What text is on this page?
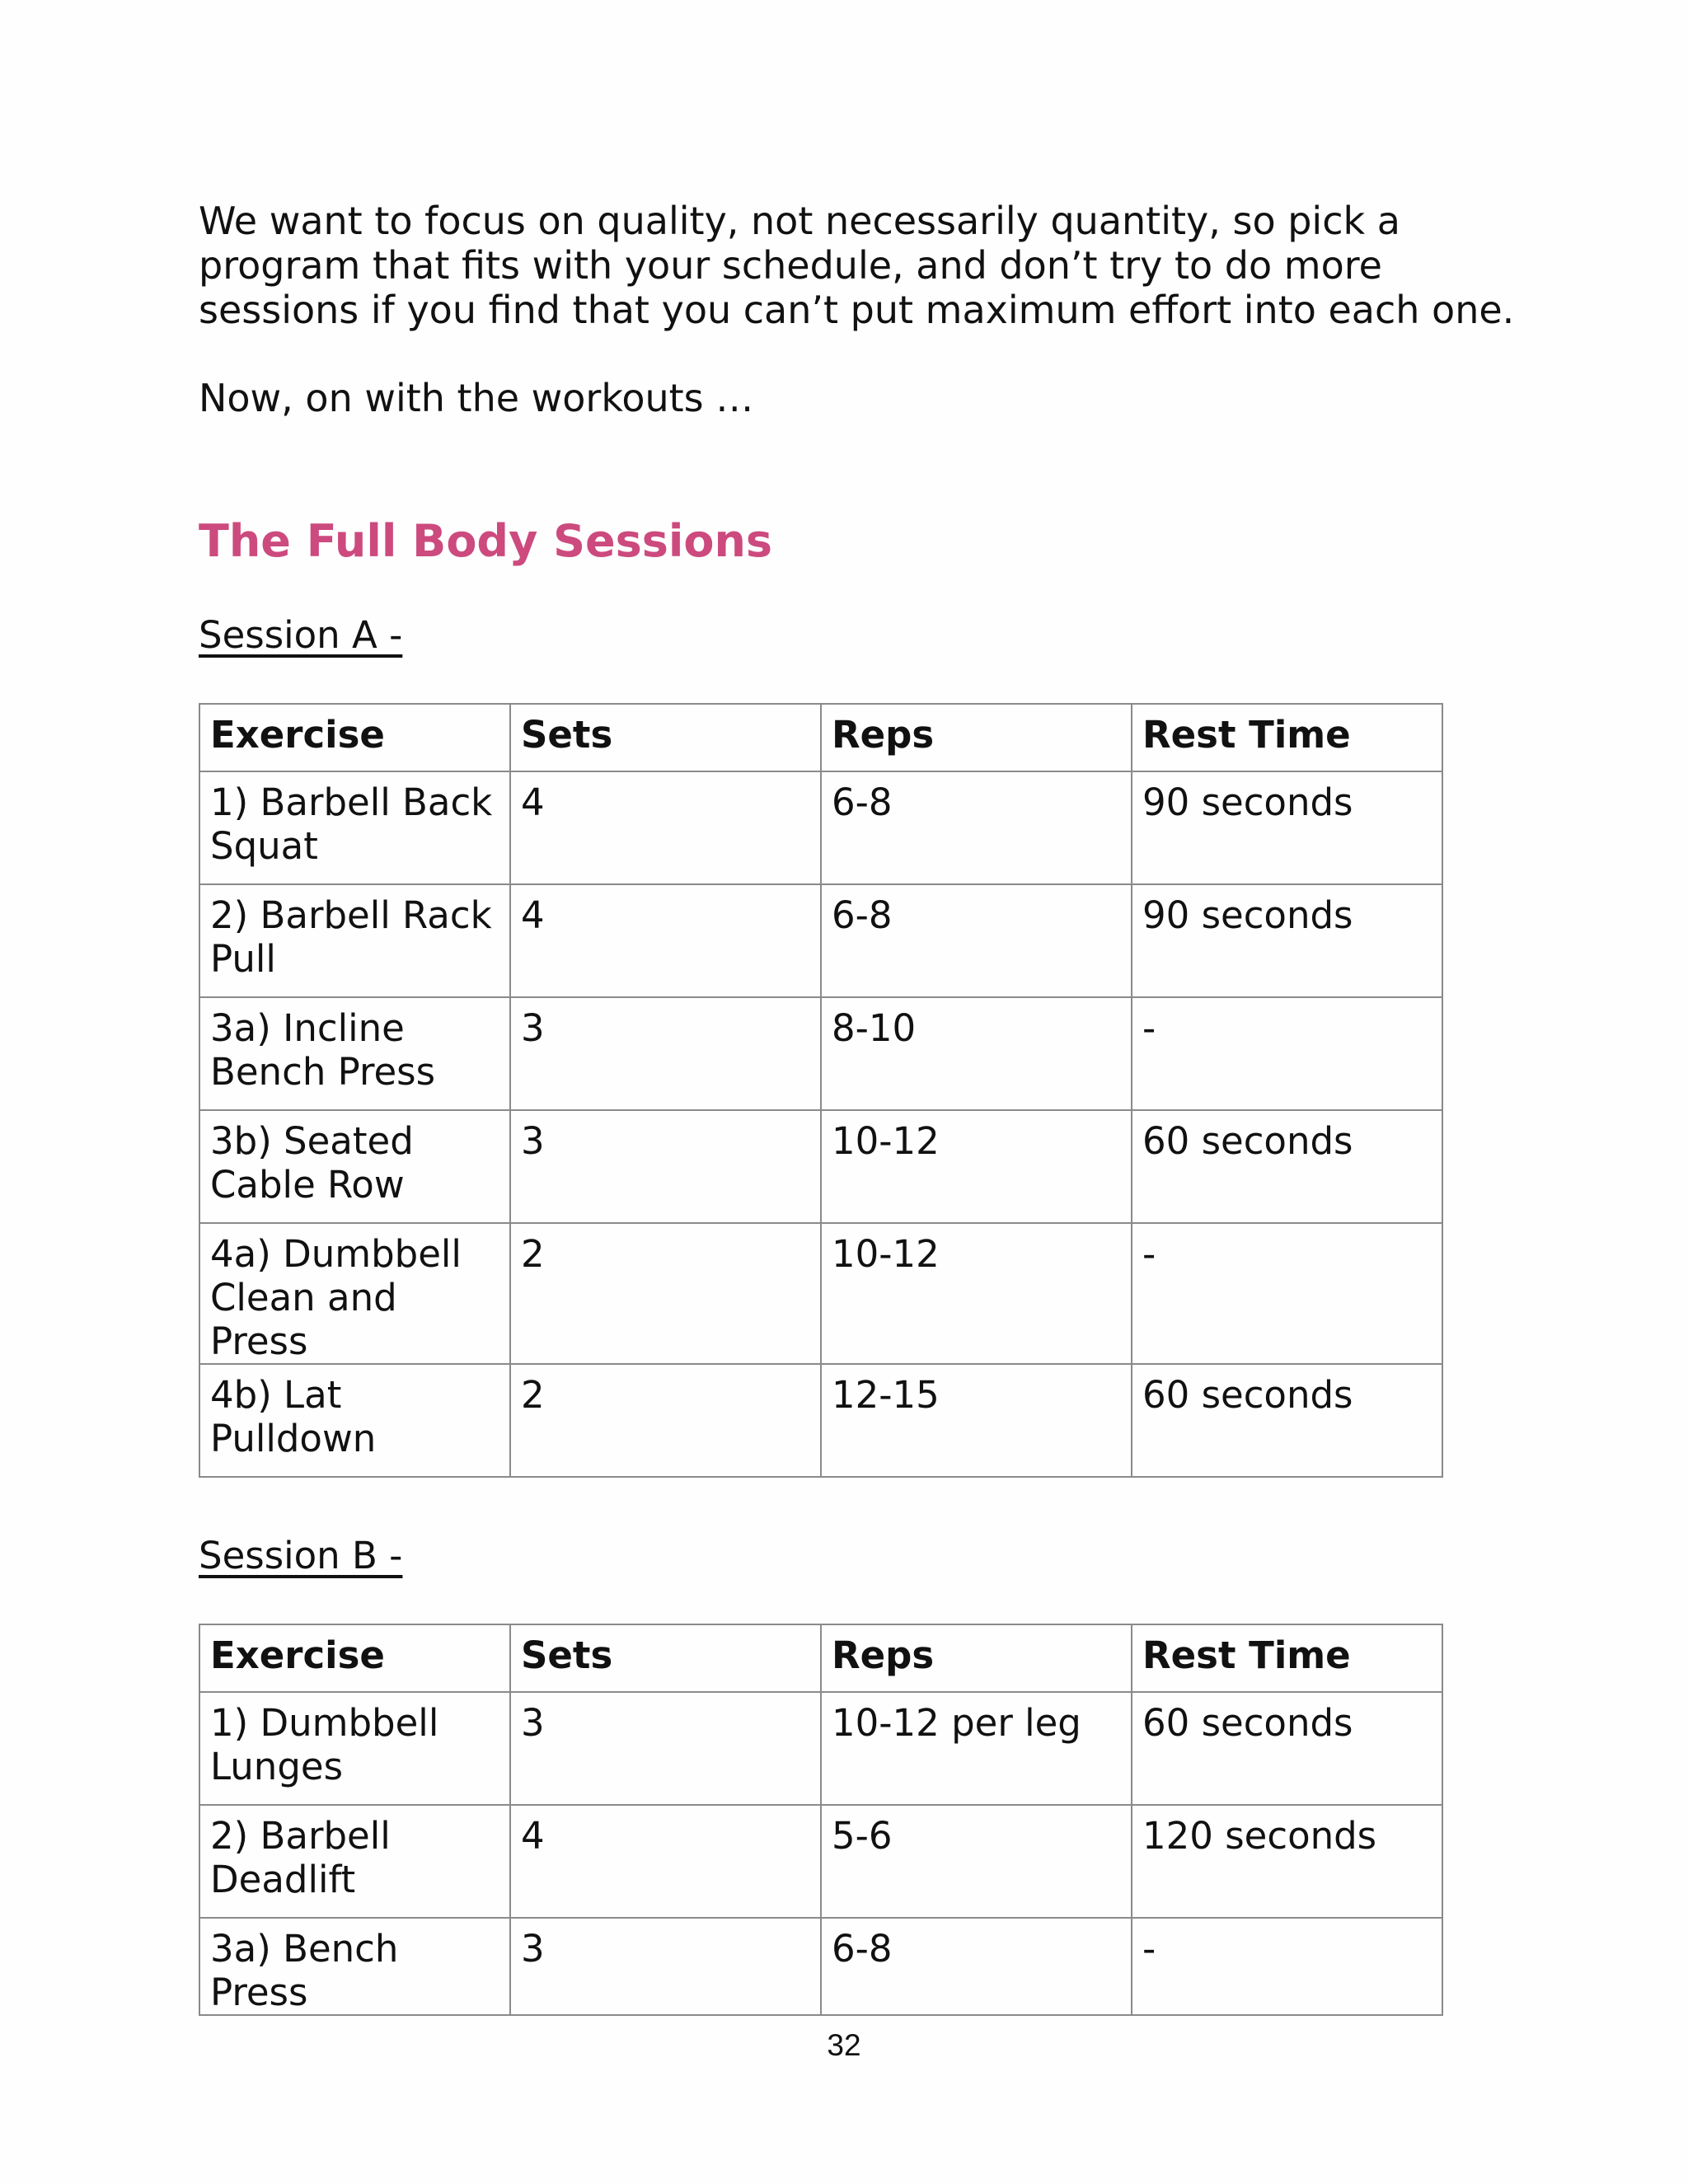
We want to focus on quality, not necessarily quantity, so pick a program that fits with your schedule, and don’t try to do more sessions if you find that you can’t put maximum effort into each one.

Now, on with the workouts …

The Full Body Sessions

Session A -

Exercise	Sets	Reps	Rest Time
1) Barbell Back Squat	4	6-8	90 seconds
2) Barbell Rack Pull	4	6-8	90 seconds
3a) Incline Bench Press	3	8-10	-
3b) Seated Cable Row	3	10-12	60 seconds
4a) Dumbbell Clean and Press	2	10-12	-
4b) Lat Pulldown	2	12-15	60 seconds

Session B -

Exercise	Sets	Reps	Rest Time
1) Dumbbell Lunges	3	10-12 per leg	60 seconds
2) Barbell Deadlift	4	5-6	120 seconds
3a) Bench Press	3	6-8	-

32
